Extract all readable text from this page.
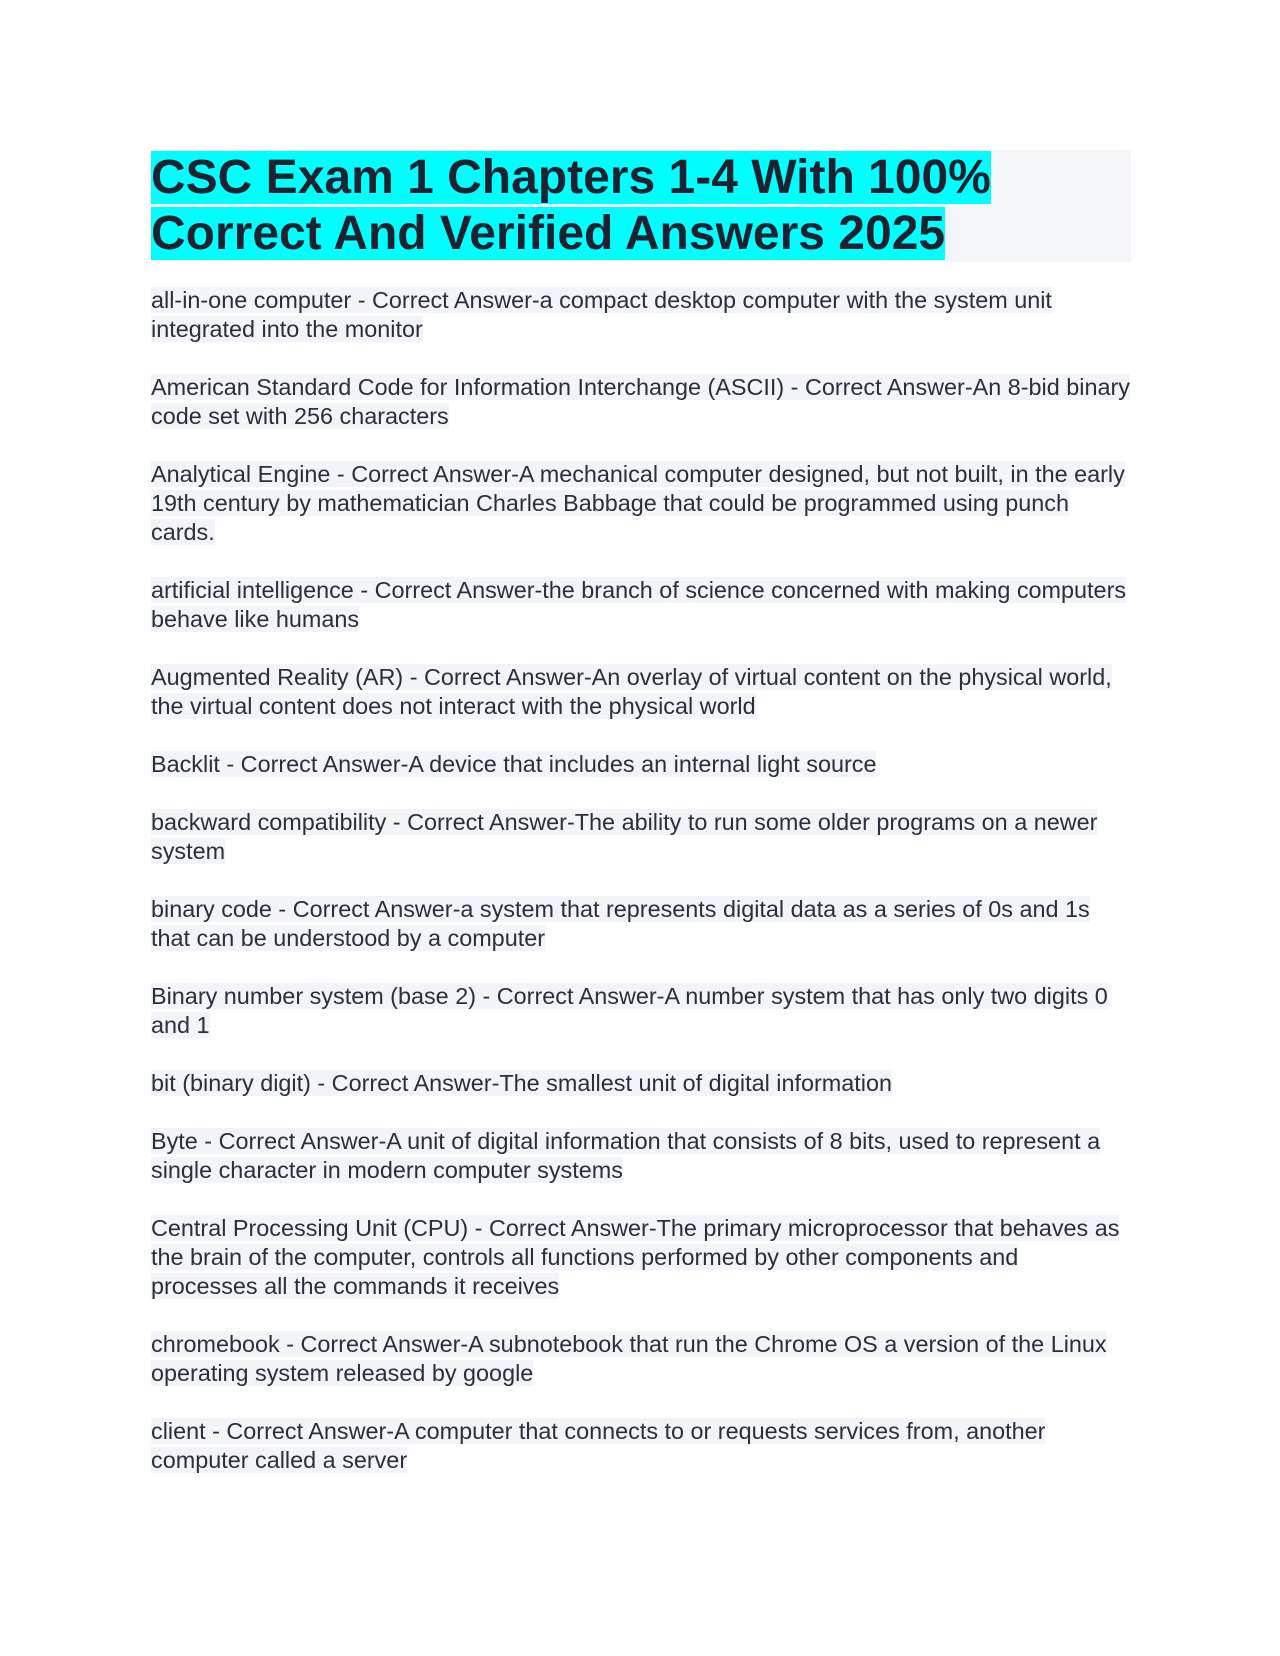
CSC Exam 1 Chapters 1-4 With 100% Correct And Verified Answers 2025

all-in-one computer - Correct Answer-a compact desktop computer with the system unit integrated into the monitor

American Standard Code for Information Interchange (ASCII) - Correct Answer-An 8-bid binary code set with 256 characters

Analytical Engine - Correct Answer-A mechanical computer designed, but not built, in the early 19th century by mathematician Charles Babbage that could be programmed using punch cards.

artificial intelligence - Correct Answer-the branch of science concerned with making computers behave like humans

Augmented Reality (AR) - Correct Answer-An overlay of virtual content on the physical world, the virtual content does not interact with the physical world

Backlit - Correct Answer-A device that includes an internal light source

backward compatibility - Correct Answer-The ability to run some older programs on a newer system

binary code - Correct Answer-a system that represents digital data as a series of 0s and 1s that can be understood by a computer

Binary number system (base 2) - Correct Answer-A number system that has only two digits 0 and 1

bit (binary digit) - Correct Answer-The smallest unit of digital information

Byte - Correct Answer-A unit of digital information that consists of 8 bits, used to represent a single character in modern computer systems

Central Processing Unit (CPU) - Correct Answer-The primary microprocessor that behaves as the brain of the computer, controls all functions performed by other components and processes all the commands it receives

chromebook - Correct Answer-A subnotebook that run the Chrome OS a version of the Linux operating system released by google

client - Correct Answer-A computer that connects to or requests services from, another computer called a server
